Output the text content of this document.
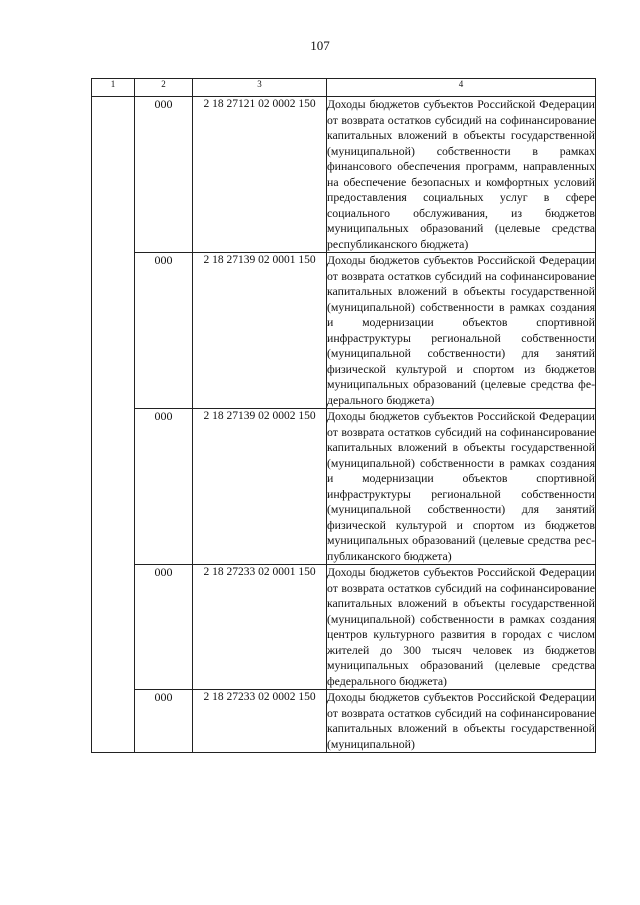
107
1	2	3	4
	000	2 18 27121 02 0002 150	Доходы бюджетов субъектов Российской Федерации от возврата остатков субсидий на софинансирование капитальных вложений в объекты государственной (муниципальной) собственности в рамках финансового обеспечения программ, направленных на обеспечение безопасных и комфортных условий предоставления социальных услуг в сфере социального обслуживания, из бюджетов муниципальных образований (целевые средства республиканского бюджета)
	000	2 18 27139 02 0001 150	Доходы бюджетов субъектов Российской Федерации от возврата остатков субсидий на софинансирование капитальных вложений в объекты государственной (муниципальной) собственности в рамках создания и модернизации объектов спортивной инфраструктуры региональной собственности (муниципальной собственности) для занятий физической культурой и спортом из бюджетов муниципальных образований (целевые средства федерального бюджета)
	000	2 18 27139 02 0002 150	Доходы бюджетов субъектов Российской Федерации от возврата остатков субсидий на софинансирование капитальных вложений в объекты государственной (муниципальной) собственности в рамках создания и модернизации объектов спортивной инфраструктуры региональной собственности (муниципальной собственности) для занятий физической культурой и спортом из бюджетов муниципальных образований (целевые средства республиканского бюджета)
	000	2 18 27233 02 0001 150	Доходы бюджетов субъектов Российской Федерации от возврата остатков субсидий на софинансирование капитальных вложений в объекты государственной (муниципальной) собственности в рамках создания центров культурного развития в городах с числом жителей до 300 тысяч человек из бюджетов муниципальных образований (целевые средства федерального бюджета)
	000	2 18 27233 02 0002 150	Доходы бюджетов субъектов Российской Федерации от возврата остатков субсидий на софинансирование капитальных вложений в объекты государственной (муниципальной)
